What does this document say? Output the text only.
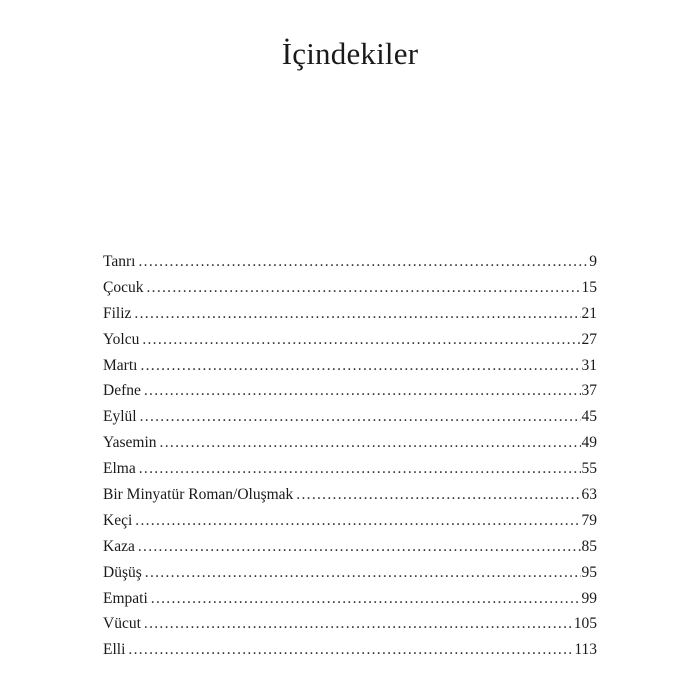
İçindekiler
Tanrı .....	9
Çocuk .....	15
Filiz .....	21
Yolcu .....	27
Martı .....	31
Defne .....	37
Eylül .....	45
Yasemin .....	49
Elma .....	55
Bir Minyatür Roman/Oluşmak .....	63
Keçi .....	79
Kaza .....	85
Düşüş .....	95
Empati .....	99
Vücut .....	105
Elli .....	113
